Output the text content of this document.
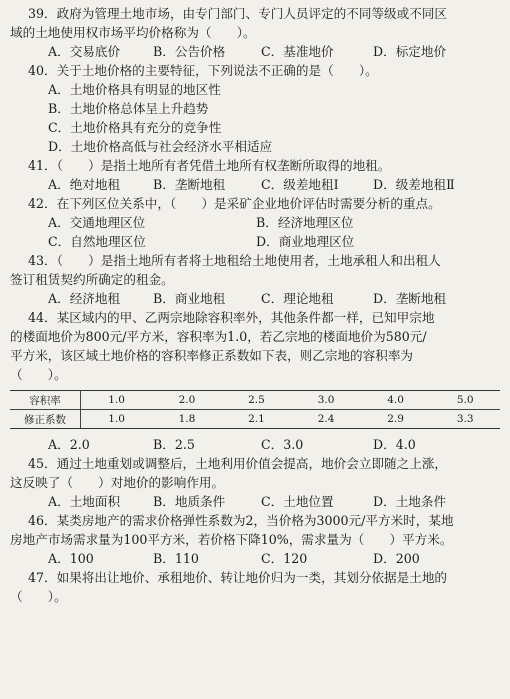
39．政府为管理土地市场，由专门部门、专门人员评定的不同等级或不同区
域的土地使用权市场平均价格称为（　　）。
A．交易底价	B．公告价格	C．基准地价	D．标定地价
40．关于土地价格的主要特征，下列说法不正确的是（　　）。
A．土地价格具有明显的地区性
B．土地价格总体呈上升趋势
C．土地价格具有充分的竞争性
D．土地价格高低与社会经济水平相适应
41．（　　）是指土地所有者凭借土地所有权垄断所取得的地租。
A．绝对地租	B．垄断地租	C．级差地租Ⅰ	D．级差地租Ⅱ
42．在下列区位关系中，（　　）是采矿企业地价评估时需要分析的重点。
A．交通地理区位	B．经济地理区位
C．自然地理区位	D．商业地理区位
43．（　　）是指土地所有者将土地租给土地使用者，土地承租人和出租人
签订租赁契约所确定的租金。
A．经济地租	B．商业地租	C．理论地租	D．垄断地租
44．某区域内的甲、乙两宗地除容积率外，其他条件都一样，已知甲宗地
的楼面地价为800元/平方米，容积率为1.0，若乙宗地的楼面地价为580元/
平方米，该区域土地价格的容积率修正系数如下表，则乙宗地的容积率为
（　　）。
容积率	1.0	2.0	2.5	3.0	4.0	5.0
修正系数	1.0	1.8	2.1	2.4	2.9	3.3
A．2.0	B．2.5	C．3.0	D．4.0
45．通过土地重划或调整后，土地利用价值会提高，地价会立即随之上涨，
这反映了（　　）对地价的影响作用。
A．土地面积	B．地质条件	C．土地位置	D．土地条件
46．某类房地产的需求价格弹性系数为2，当价格为3000元/平方米时，某地
房地产市场需求量为100平方米，若价格下降10%，需求量为（　　）平方米。
A．100	B．110	C．120	D．200
47．如果将出让地价、承租地价、转让地价归为一类，其划分依据是土地的
（　　）。
